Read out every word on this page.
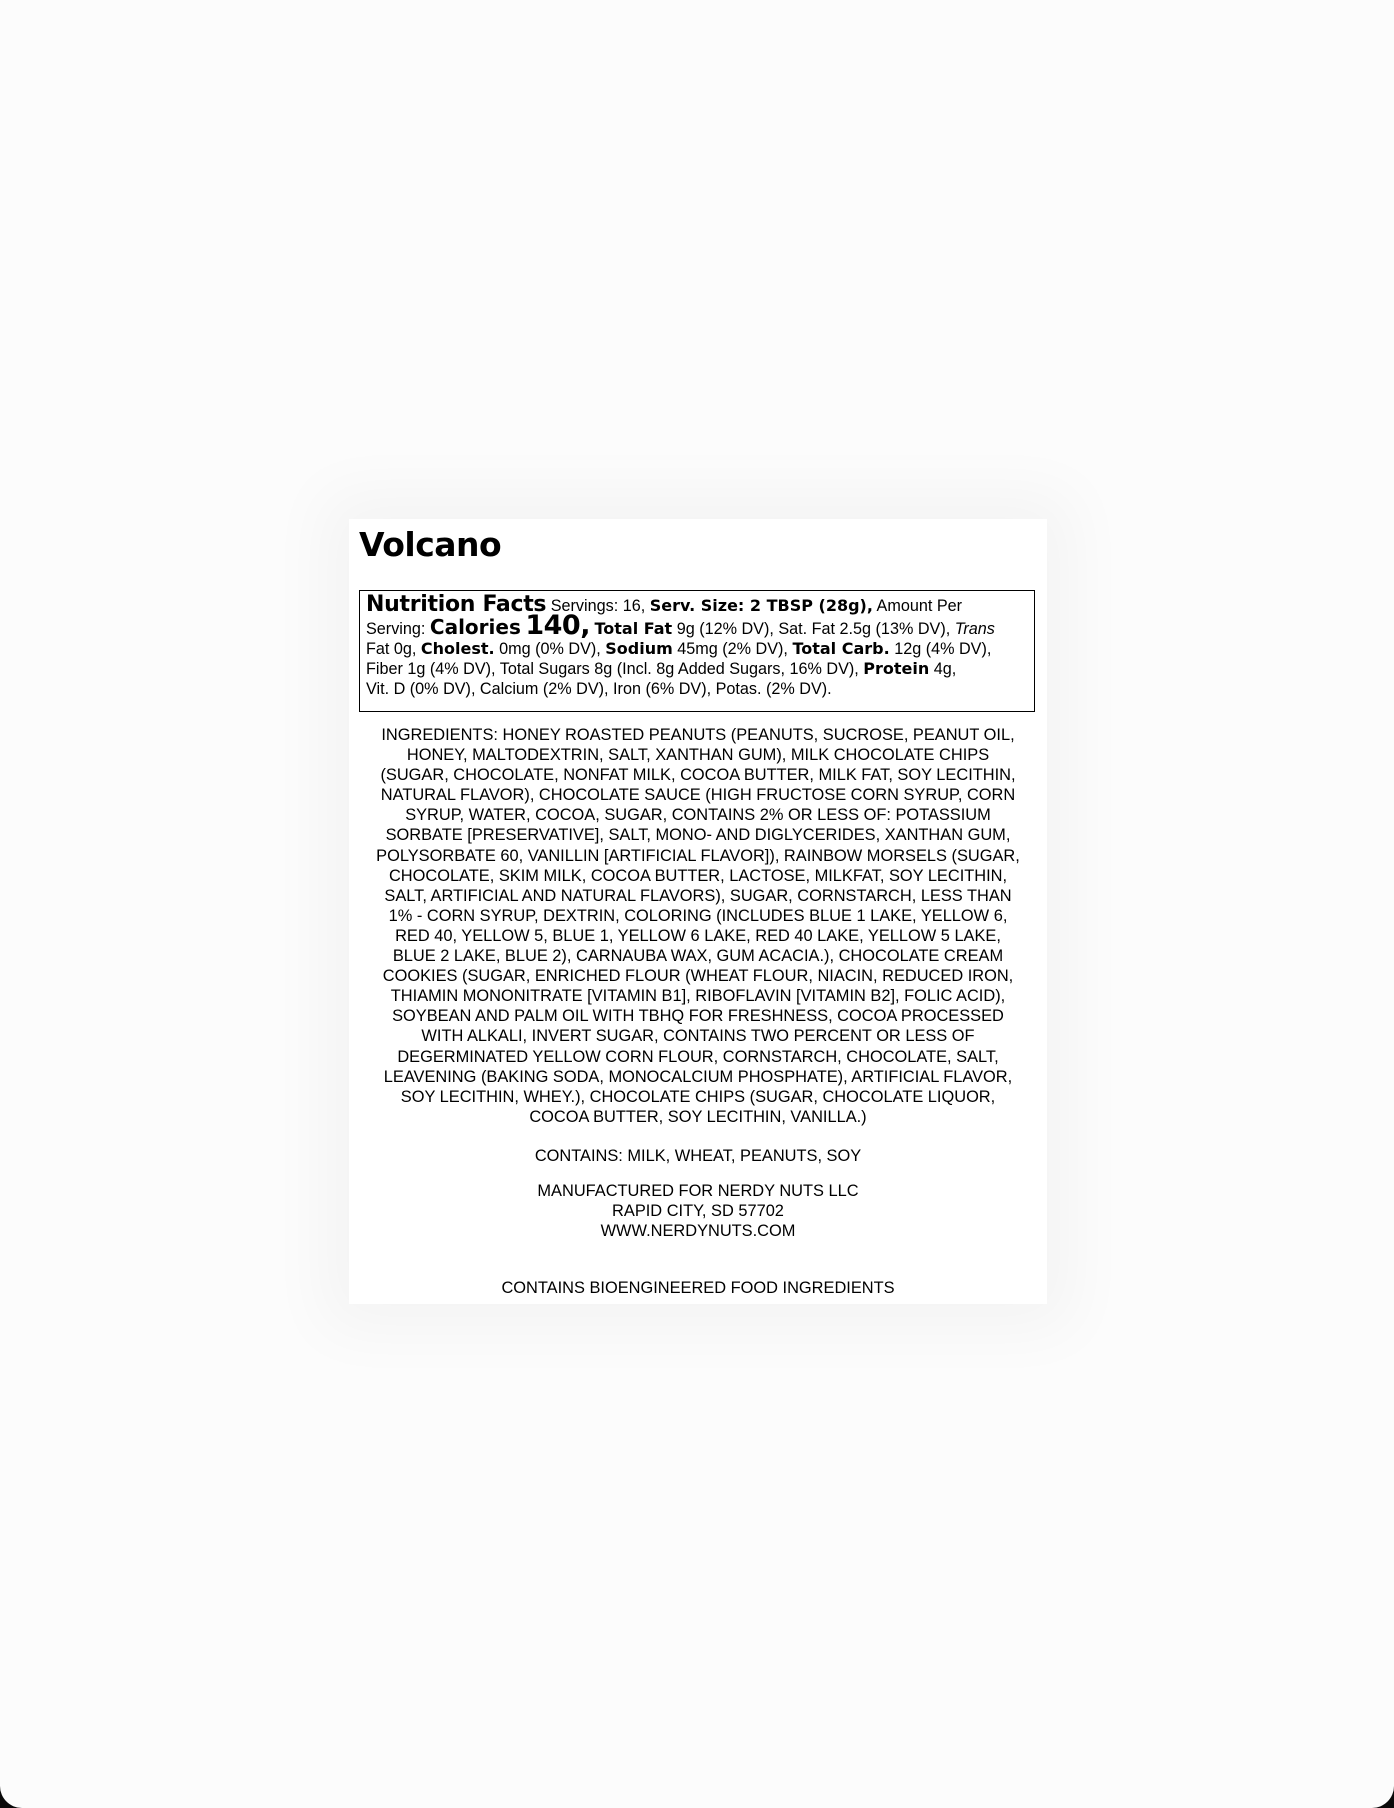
Volcano
Nutrition Facts Servings: 16, Serv. Size: 2 TBSP (28g), Amount Per
Serving: Calories 140, Total Fat 9g (12% DV), Sat. Fat 2.5g (13% DV), Trans
Fat 0g, Cholest. 0mg (0% DV), Sodium 45mg (2% DV), Total Carb. 12g (4% DV),
Fiber 1g (4% DV), Total Sugars 8g (Incl. 8g Added Sugars, 16% DV), Protein 4g,
Vit. D (0% DV), Calcium (2% DV), Iron (6% DV), Potas. (2% DV).

INGREDIENTS: HONEY ROASTED PEANUTS (PEANUTS, SUCROSE, PEANUT OIL,
HONEY, MALTODEXTRIN, SALT, XANTHAN GUM), MILK CHOCOLATE CHIPS
(SUGAR, CHOCOLATE, NONFAT MILK, COCOA BUTTER, MILK FAT, SOY LECITHIN,
NATURAL FLAVOR), CHOCOLATE SAUCE (HIGH FRUCTOSE CORN SYRUP, CORN
SYRUP, WATER, COCOA, SUGAR, CONTAINS 2% OR LESS OF: POTASSIUM
SORBATE [PRESERVATIVE], SALT, MONO- AND DIGLYCERIDES, XANTHAN GUM,
POLYSORBATE 60, VANILLIN [ARTIFICIAL FLAVOR]), RAINBOW MORSELS (SUGAR,
CHOCOLATE, SKIM MILK, COCOA BUTTER, LACTOSE, MILKFAT, SOY LECITHIN,
SALT, ARTIFICIAL AND NATURAL FLAVORS), SUGAR, CORNSTARCH, LESS THAN
1% - CORN SYRUP, DEXTRIN, COLORING (INCLUDES BLUE 1 LAKE, YELLOW 6,
RED 40, YELLOW 5, BLUE 1, YELLOW 6 LAKE, RED 40 LAKE, YELLOW 5 LAKE,
BLUE 2 LAKE, BLUE 2), CARNAUBA WAX, GUM ACACIA.), CHOCOLATE CREAM
COOKIES (SUGAR, ENRICHED FLOUR (WHEAT FLOUR, NIACIN, REDUCED IRON,
THIAMIN MONONITRATE [VITAMIN B1], RIBOFLAVIN [VITAMIN B2], FOLIC ACID),
SOYBEAN AND PALM OIL WITH TBHQ FOR FRESHNESS, COCOA PROCESSED
WITH ALKALI, INVERT SUGAR, CONTAINS TWO PERCENT OR LESS OF
DEGERMINATED YELLOW CORN FLOUR, CORNSTARCH, CHOCOLATE, SALT,
LEAVENING (BAKING SODA, MONOCALCIUM PHOSPHATE), ARTIFICIAL FLAVOR,
SOY LECITHIN, WHEY.), CHOCOLATE CHIPS (SUGAR, CHOCOLATE LIQUOR,
COCOA BUTTER, SOY LECITHIN, VANILLA.)

CONTAINS: MILK, WHEAT, PEANUTS, SOY

MANUFACTURED FOR NERDY NUTS LLC
RAPID CITY, SD 57702
WWW.NERDYNUTS.COM

CONTAINS BIOENGINEERED FOOD INGREDIENTS
